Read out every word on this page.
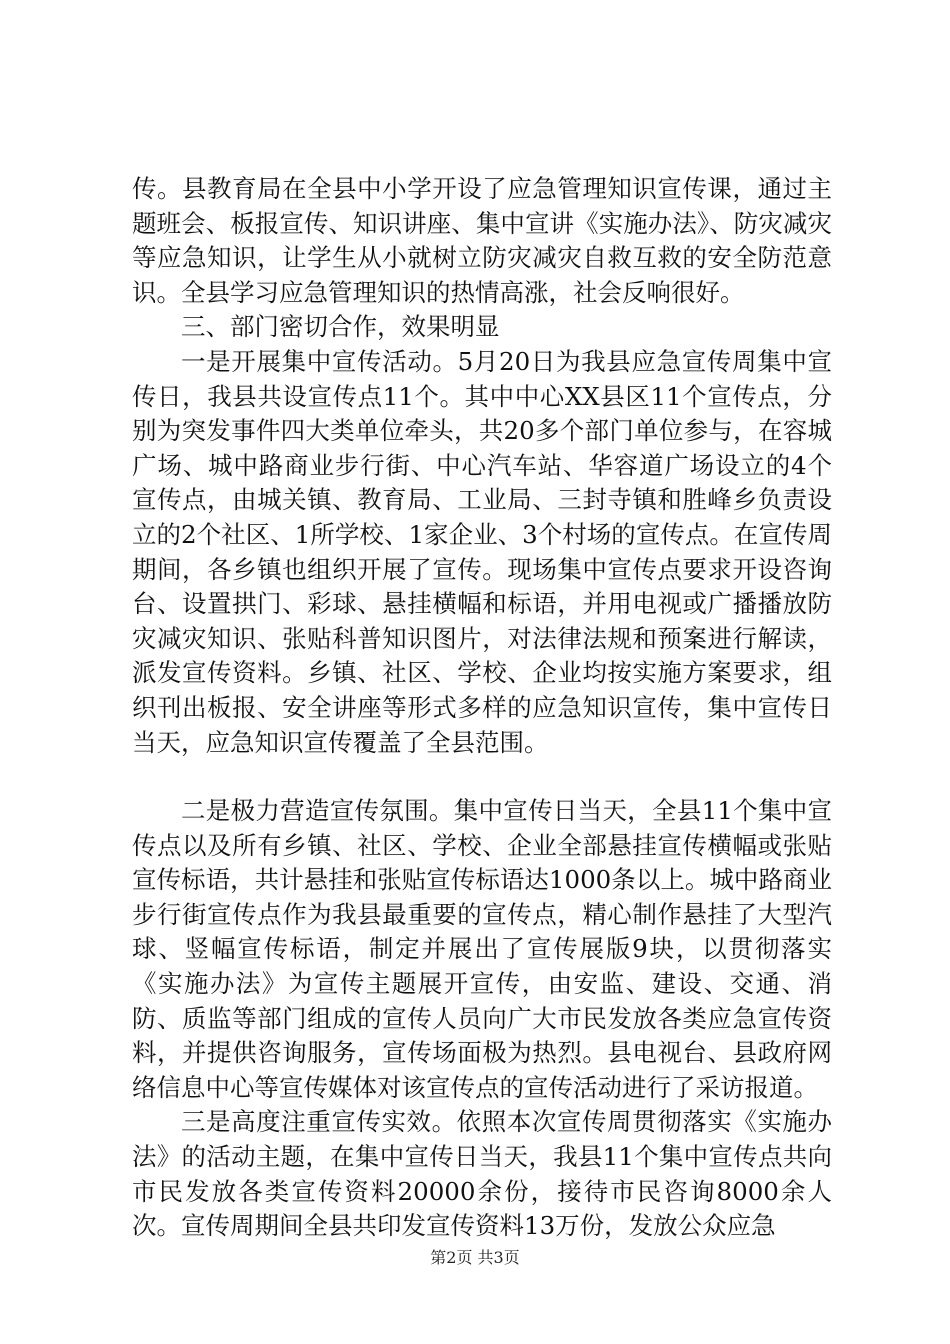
传。县教育局在全县中小学开设了应急管理知识宣传课，通过主题班会、板报宣传、知识讲座、集中宣讲《实施办法》、防灾减灾等应急知识，让学生从小就树立防灾减灾自救互救的安全防范意识。全县学习应急管理知识的热情高涨，社会反响很好。

三、部门密切合作，效果明显

一是开展集中宣传活动。5月20日为我县应急宣传周集中宣传日，我县共设宣传点11个。其中中心XX县区11个宣传点，分别为突发事件四大类单位牵头，共20多个部门单位参与，在容城广场、城中路商业步行街、中心汽车站、华容道广场设立的4个宣传点，由城关镇、教育局、工业局、三封寺镇和胜峰乡负责设立的2个社区、1所学校、1家企业、3个村场的宣传点。在宣传周期间，各乡镇也组织开展了宣传。现场集中宣传点要求开设咨询台、设置拱门、彩球、悬挂横幅和标语，并用电视或广播播放防灾减灾知识、张贴科普知识图片，对法律法规和预案进行解读，派发宣传资料。乡镇、社区、学校、企业均按实施方案要求，组织刊出板报、安全讲座等形式多样的应急知识宣传，集中宣传日当天，应急知识宣传覆盖了全县范围。

二是极力营造宣传氛围。集中宣传日当天，全县11个集中宣传点以及所有乡镇、社区、学校、企业全部悬挂宣传横幅或张贴宣传标语，共计悬挂和张贴宣传标语达1000条以上。城中路商业步行街宣传点作为我县最重要的宣传点，精心制作悬挂了大型汽球、竖幅宣传标语，制定并展出了宣传展版9块，以贯彻落实《实施办法》为宣传主题展开宣传，由安监、建设、交通、消防、质监等部门组成的宣传人员向广大市民发放各类应急宣传资料，并提供咨询服务，宣传场面极为热烈。县电视台、县政府网络信息中心等宣传媒体对该宣传点的宣传活动进行了采访报道。

三是高度注重宣传实效。依照本次宣传周贯彻落实《实施办法》的活动主题，在集中宣传日当天，我县11个集中宣传点共向市民发放各类宣传资料20000余份，接待市民咨询8000余人次。宣传周期间全县共印发宣传资料13万份，发放公众应急

第2页 共3页
